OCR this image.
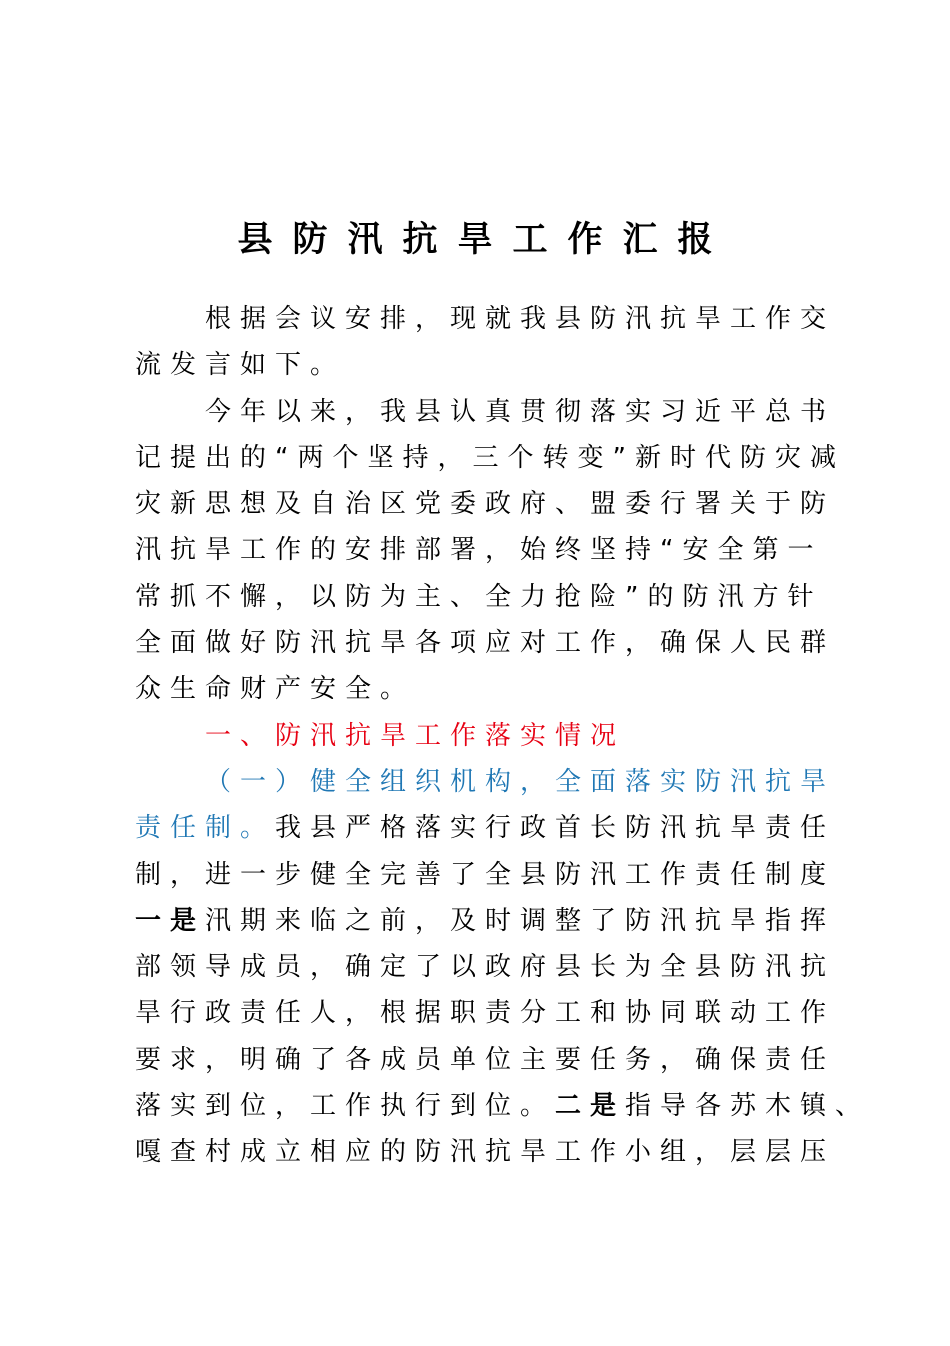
县防汛抗旱工作汇报
根据会议安排，现就我县防汛抗旱工作交
流发言如下。
今年以来，我县认真贯彻落实习近平总书
记提出的“两个坚持，三个转变”新时代防灾减
灾新思想及自治区党委政府、盟委行署关于防
汛抗旱工作的安排部署，始终坚持“安全第一
常抓不懈，以防为主、全力抢险”的防汛方针
全面做好防汛抗旱各项应对工作，确保人民群
众生命财产安全。
一、防汛抗旱工作落实情况
（一）健全组织机构，全面落实防汛抗旱
责任制。我县严格落实行政首长防汛抗旱责任
制，进一步健全完善了全县防汛工作责任制度
一是汛期来临之前，及时调整了防汛抗旱指挥
部领导成员，确定了以政府县长为全县防汛抗
旱行政责任人，根据职责分工和协同联动工作
要求，明确了各成员单位主要任务，确保责任
落实到位，工作执行到位。二是指导各苏木镇、
嘎查村成立相应的防汛抗旱工作小组，层层压
